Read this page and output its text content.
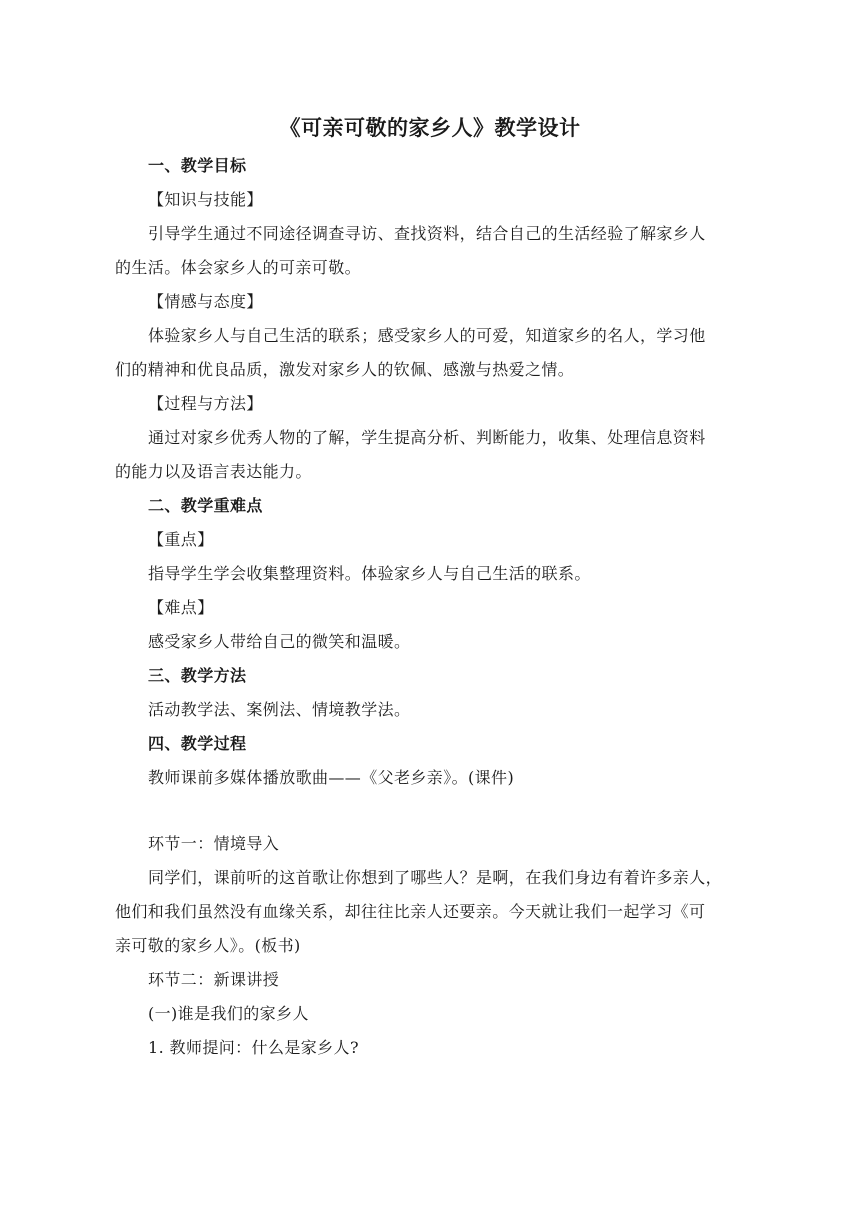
《可亲可敬的家乡人》教学设计
一、教学目标
【知识与技能】
引导学生通过不同途径调查寻访、查找资料，结合自己的生活经验了解家乡人
的生活。体会家乡人的可亲可敬。
【情感与态度】
体验家乡人与自己生活的联系；感受家乡人的可爱，知道家乡的名人，学习他
们的精神和优良品质，激发对家乡人的钦佩、感激与热爱之情。
【过程与方法】
通过对家乡优秀人物的了解，学生提高分析、判断能力，收集、处理信息资料
的能力以及语言表达能力。
二、教学重难点
【重点】
指导学生学会收集整理资料。体验家乡人与自己生活的联系。
【难点】
感受家乡人带给自己的微笑和温暖。
三、教学方法
活动教学法、案例法、情境教学法。
四、教学过程
教师课前多媒体播放歌曲——《父老乡亲》。(课件)
环节一：情境导入
同学们，课前听的这首歌让你想到了哪些人？是啊，在我们身边有着许多亲人，
他们和我们虽然没有血缘关系，却往往比亲人还要亲。今天就让我们一起学习《可
亲可敬的家乡人》。(板书)
环节二：新课讲授
(一)谁是我们的家乡人
1. 教师提问：什么是家乡人?
